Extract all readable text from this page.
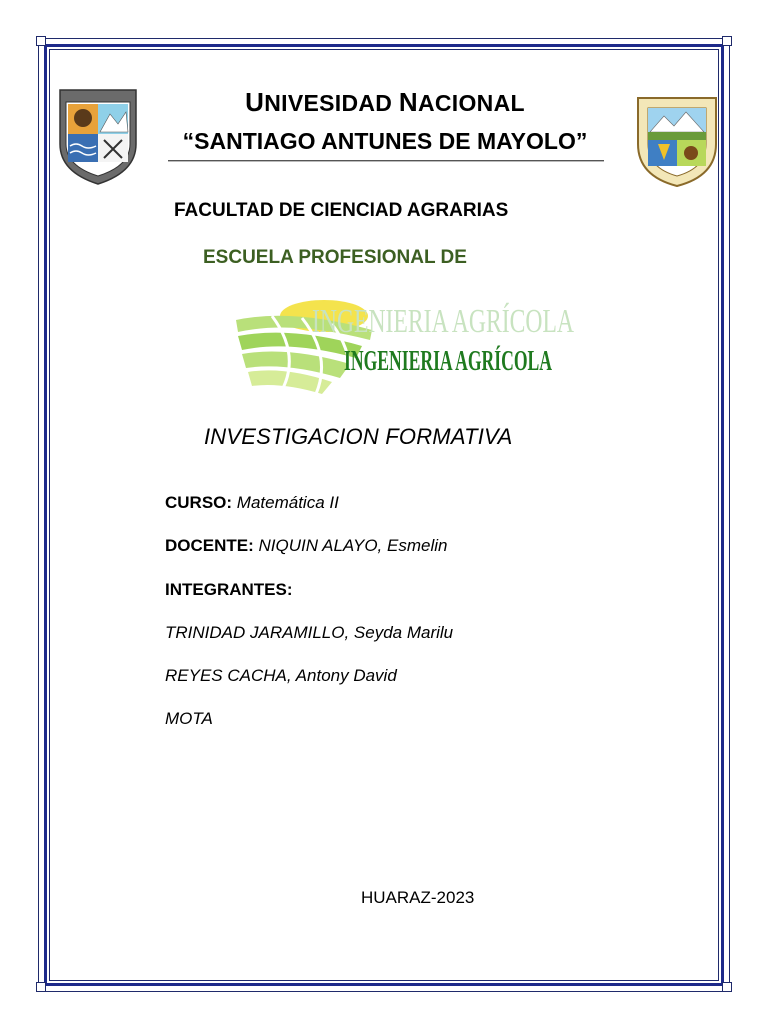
UNIVESIDAD NACIONAL
“SANTIAGO ANTUNES DE MAYOLO”
FACULTAD DE CIENCIAD AGRARIAS
ESCUELA PROFESIONAL DE
INGENIERIA AGRÍCOLA
INGENIERIA AGRÍCOLA
INVESTIGACION FORMATIVA
CURSO: Matemática II
DOCENTE: NIQUIN ALAYO, Esmelin
INTEGRANTES:
TRINIDAD JARAMILLO, Seyda Marilu
REYES CACHA, Antony David
MOTA
HUARAZ-2023
